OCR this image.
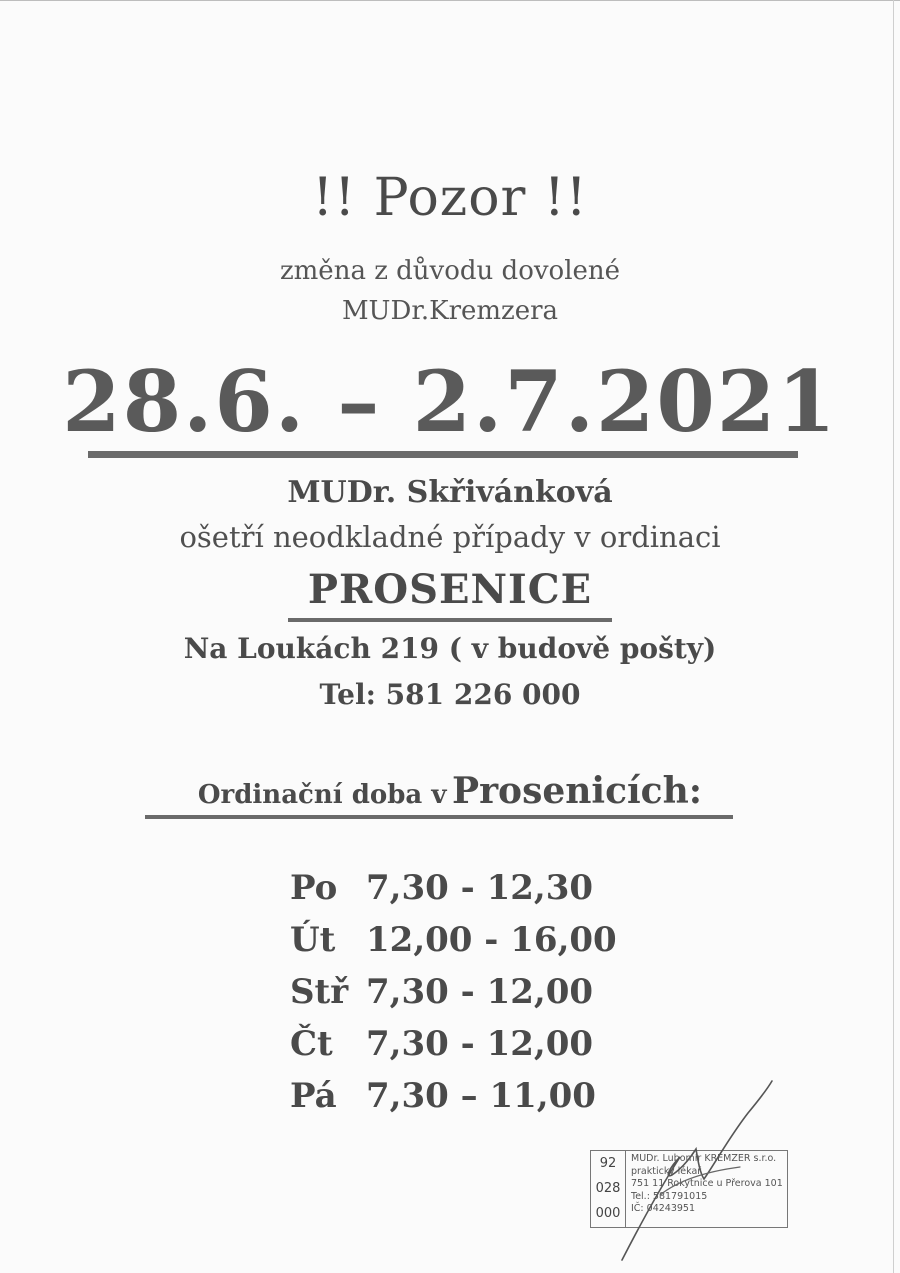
!! Pozor !!
změna z důvodu dovolené
MUDr.Kremzera
28.6. – 2.7.2021
MUDr. Skřivánková
ošetří neodkladné případy v ordinaci
PROSENICE
Na Loukách 219 ( v budově pošty)
Tel: 581 226 000
Ordinační doba v Prosenicích:
Po 7,30 - 12,30
Út 12,00 - 16,00
Stř 7,30 - 12,00
Čt 7,30 - 12,00
Pá 7,30 – 11,00
92
028
000
MUDr. Lubomír KREMZER s.r.o.
praktický lékař
751 11 Rokytnice u Přerova 101
Tel.: 581791015
IČ: 04243951
